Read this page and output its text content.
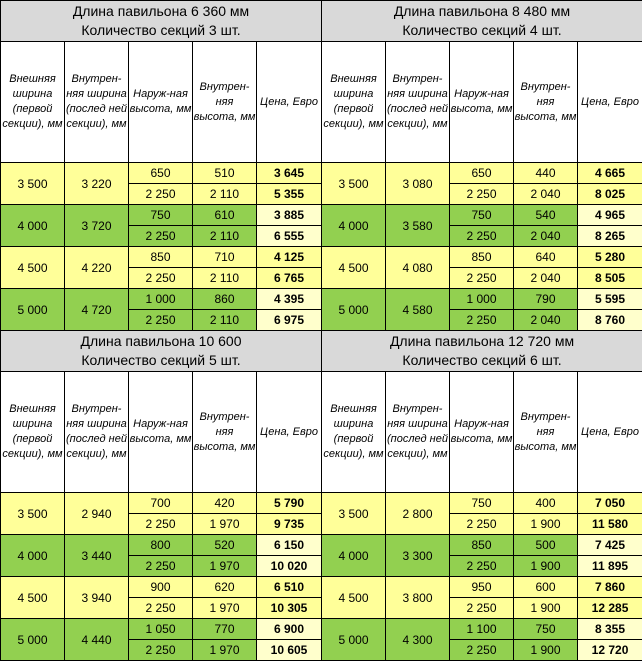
Длина павильона 6 360 мм
Количество секций 3 шт.				

Внешняя ширина (первой секции), мм	Внутрен-няя ширина (послед ней секции), мм	Наруж-ная высота, мм	Внутрен-няя высота, мм	Цена, Евро
3 500	3 220	650	510	3 645
		2 250	2 110	5 355
4 000	3 720	750	610	3 885
		2 250	2 110	6 555
4 500	4 220	850	710	4 125
		2 250	2 110	6 765
5 000	4 720	1 000	860	4 395
		2 250	2 110	6 975
Длина павильона 8 480 мм
Количество секций 4 шт.				

Внешняя ширина (первой секции), мм	Внутрен-няя ширина (послед ней секции), мм	Наруж-ная высота, мм	Внутрен-няя высота, мм	Цена, Евро
3 500	3 080	650	440	4 665
		2 250	2 040	8 025
4 000	3 580	750	540	4 965
		2 250	2 040	8 265
4 500	4 080	850	640	5 280
		2 250	2 040	8 505
5 000	4 580	1 000	790	5 595
		2 250	2 040	8 760
Длина павильона 10 600
Количество секций 5 шт.				

Внешняя ширина (первой секции), мм	Внутрен-няя ширина (послед ней секции), мм	Наруж-ная высота, мм	Внутрен-няя высота, мм	Цена, Евро
3 500	2 940	700	420	5 790
		2 250	1 970	9 735
4 000	3 440	800	520	6 150
		2 250	1 970	10 020
4 500	3 940	900	620	6 510
		2 250	1 970	10 305
5 000	4 440	1 050	770	6 900
		2 250	1 970	10 605
Длина павильона 12 720 мм
Количество секций 6 шт.				

Внешняя ширина (первой секции), мм	Внутрен-няя ширина (послед ней секции), мм	Наруж-ная высота, мм	Внутрен-няя высота, мм	Цена, Евро
3 500	2 800	750	400	7 050
		2 250	1 900	11 580
4 000	3 300	850	500	7 425
		2 250	1 900	11 895
4 500	3 800	950	600	7 860
		2 250	1 900	12 285
5 000	4 300	1 100	750	8 355
		2 250	1 900	12 720
